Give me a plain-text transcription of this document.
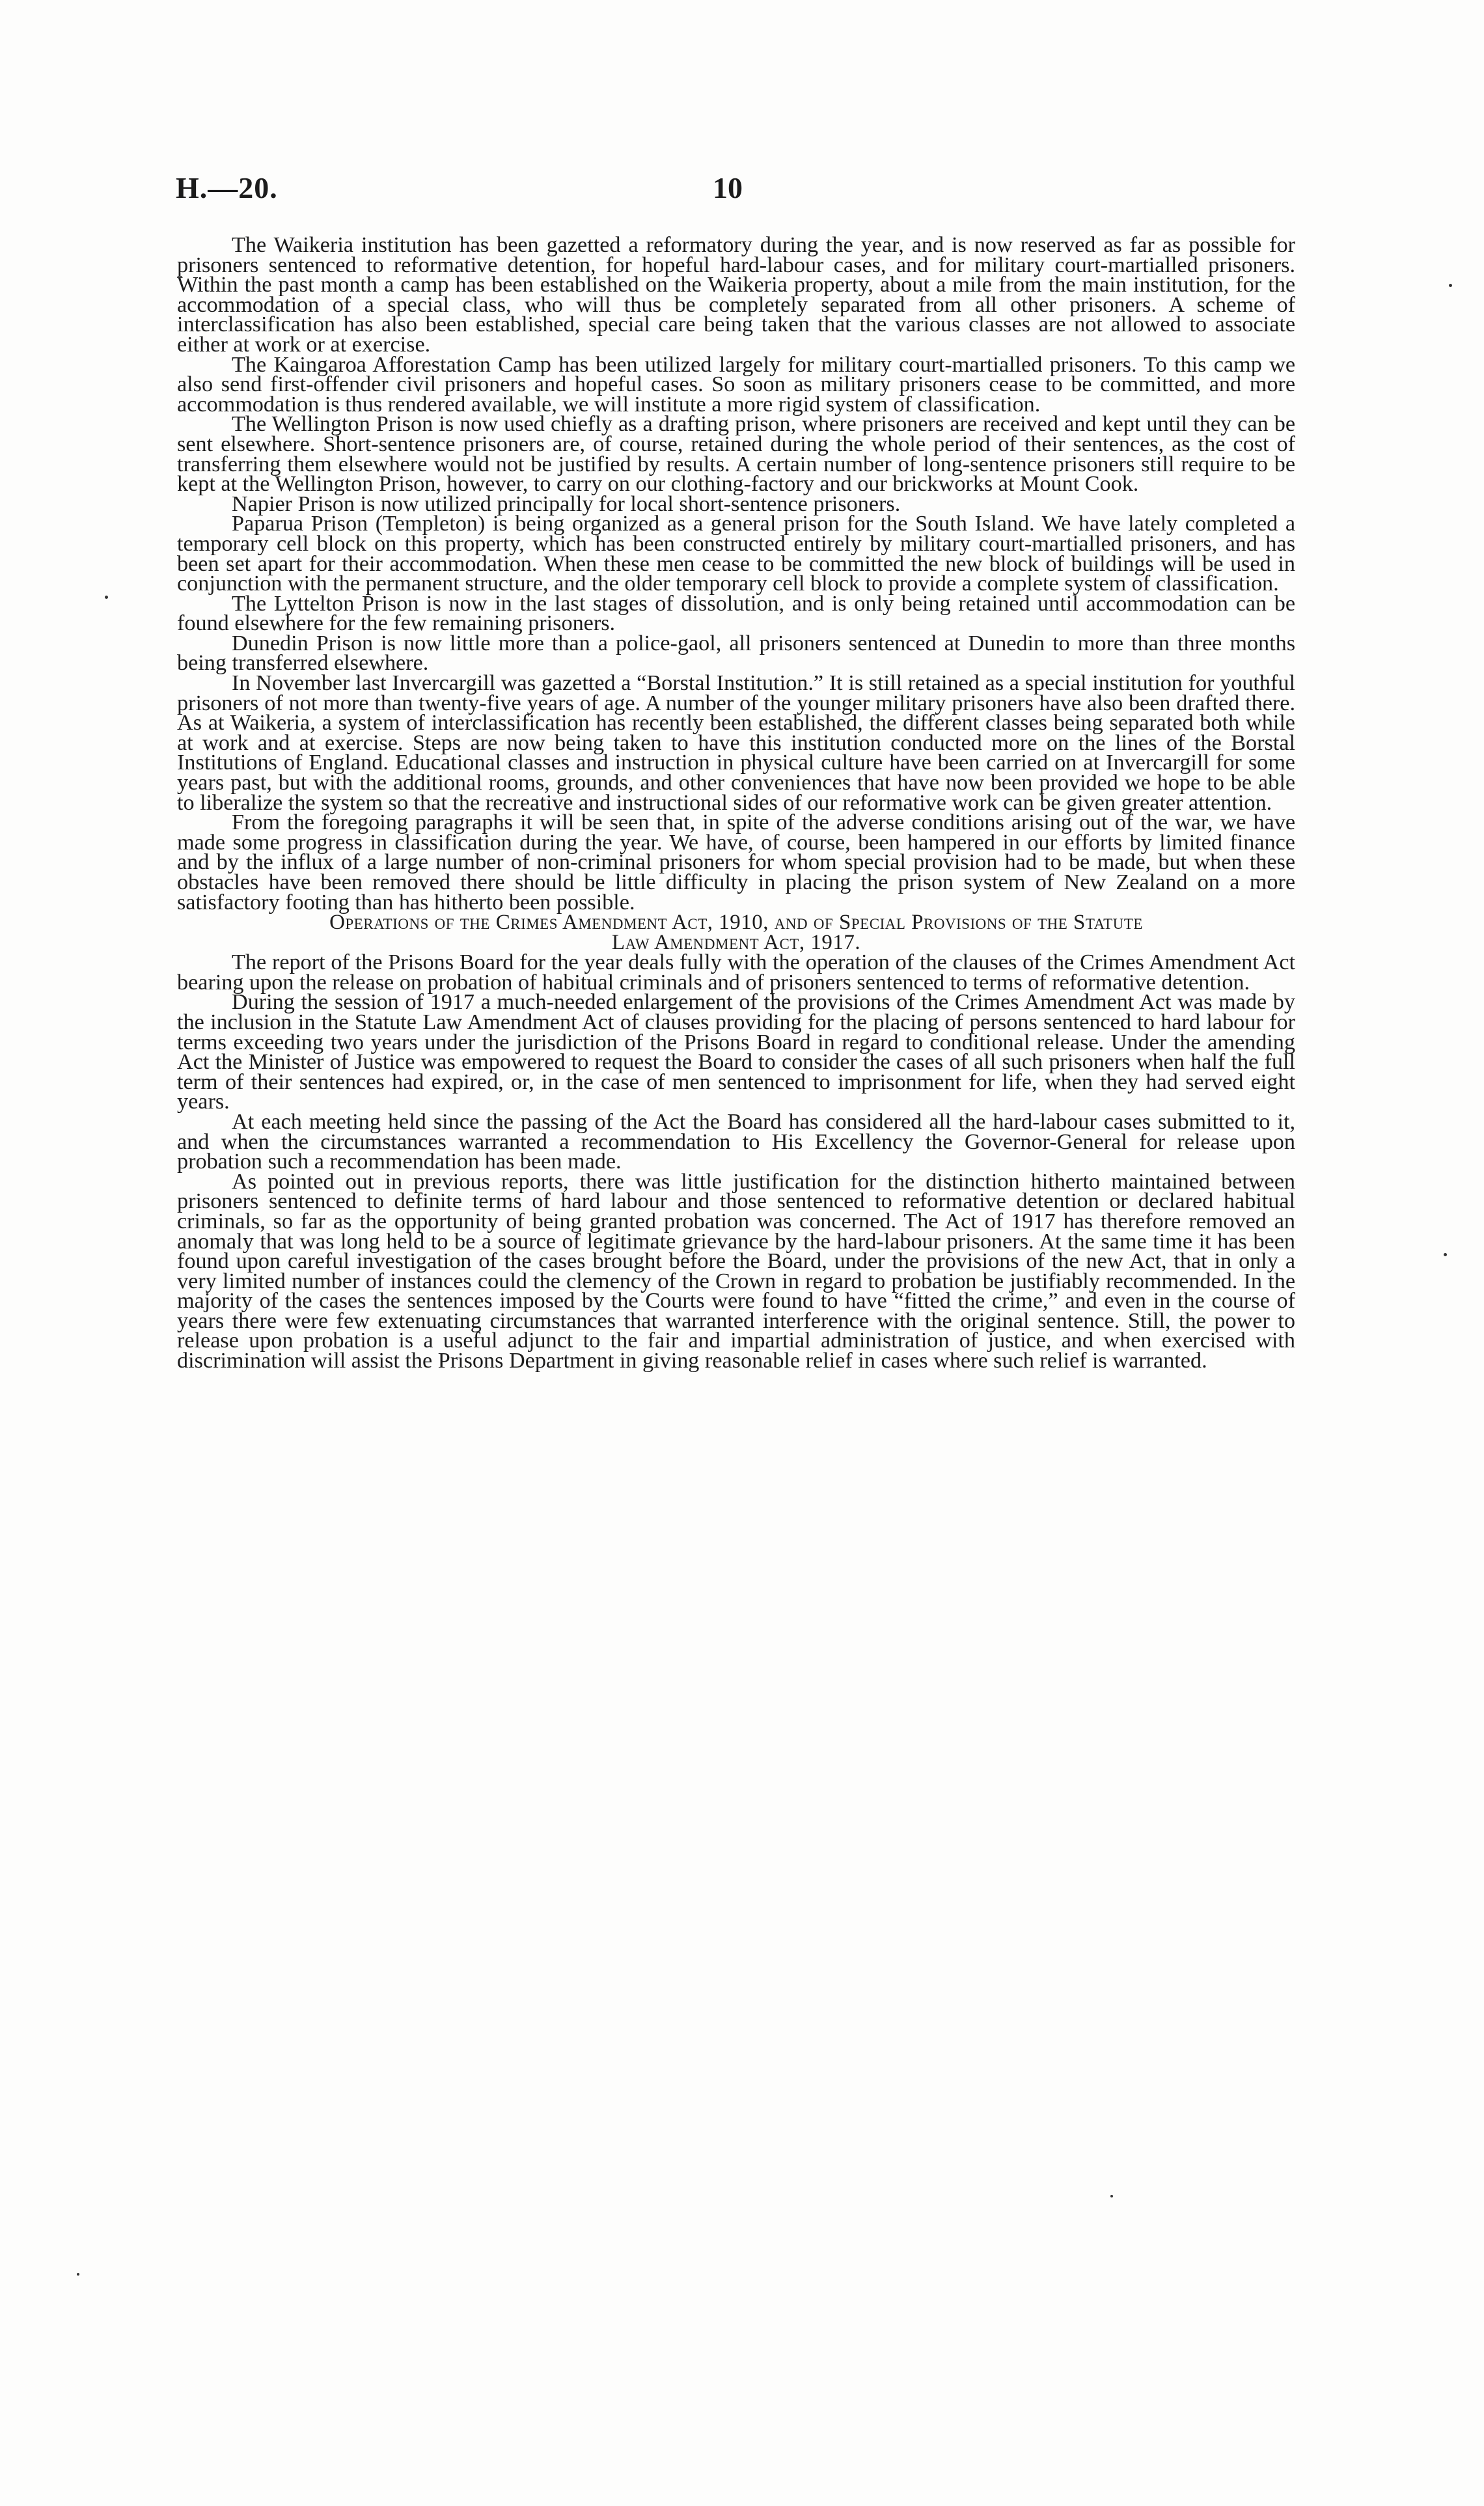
H.—20.	10

The Waikeria institution has been gazetted a reformatory during the year, and is now reserved as far as possible for prisoners sentenced to reformative detention, for hopeful hard-labour cases, and for military court-martialled prisoners. Within the past month a camp has been established on the Waikeria property, about a mile from the main institution, for the accommodation of a special class, who will thus be completely separated from all other prisoners. A scheme of interclassification has also been established, special care being taken that the various classes are not allowed to associate either at work or at exercise.

The Kaingaroa Afforestation Camp has been utilized largely for military court-martialled prisoners. To this camp we also send first-offender civil prisoners and hopeful cases. So soon as military prisoners cease to be committed, and more accommodation is thus rendered available, we will institute a more rigid system of classification.

The Wellington Prison is now used chiefly as a drafting prison, where prisoners are received and kept until they can be sent elsewhere. Short-sentence prisoners are, of course, retained during the whole period of their sentences, as the cost of transferring them elsewhere would not be justified by results. A certain number of long-sentence prisoners still require to be kept at the Wellington Prison, however, to carry on our clothing-factory and our brickworks at Mount Cook.

Napier Prison is now utilized principally for local short-sentence prisoners.

Paparua Prison (Templeton) is being organized as a general prison for the South Island. We have lately completed a temporary cell block on this property, which has been constructed entirely by military court-martialled prisoners, and has been set apart for their accommodation. When these men cease to be committed the new block of buildings will be used in conjunction with the permanent structure, and the older temporary cell block to provide a complete system of classification.

The Lyttelton Prison is now in the last stages of dissolution, and is only being retained until accommodation can be found elsewhere for the few remaining prisoners.

Dunedin Prison is now little more than a police-gaol, all prisoners sentenced at Dunedin to more than three months being transferred elsewhere.

In November last Invercargill was gazetted a “Borstal Institution.” It is still retained as a special institution for youthful prisoners of not more than twenty-five years of age. A number of the younger military prisoners have also been drafted there. As at Waikeria, a system of interclassification has recently been established, the different classes being separated both while at work and at exercise. Steps are now being taken to have this institution conducted more on the lines of the Borstal Institutions of England. Educational classes and instruction in physical culture have been carried on at Invercargill for some years past, but with the additional rooms, grounds, and other conveniences that have now been provided we hope to be able to liberalize the system so that the recreative and instructional sides of our reformative work can be given greater attention.

From the foregoing paragraphs it will be seen that, in spite of the adverse conditions arising out of the war, we have made some progress in classification during the year. We have, of course, been hampered in our efforts by limited finance and by the influx of a large number of non-criminal prisoners for whom special provision had to be made, but when these obstacles have been removed there should be little difficulty in placing the prison system of New Zealand on a more satisfactory footing than has hitherto been possible.

Operations of the Crimes Amendment Act, 1910, and of Special Provisions of the Statute
Law Amendment Act, 1917.

The report of the Prisons Board for the year deals fully with the operation of the clauses of the Crimes Amendment Act bearing upon the release on probation of habitual criminals and of prisoners sentenced to terms of reformative detention.

During the session of 1917 a much-needed enlargement of the provisions of the Crimes Amendment Act was made by the inclusion in the Statute Law Amendment Act of clauses providing for the placing of persons sentenced to hard labour for terms exceeding two years under the jurisdiction of the Prisons Board in regard to conditional release. Under the amending Act the Minister of Justice was empowered to request the Board to consider the cases of all such prisoners when half the full term of their sentences had expired, or, in the case of men sentenced to imprisonment for life, when they had served eight years.

At each meeting held since the passing of the Act the Board has considered all the hard-labour cases submitted to it, and when the circumstances warranted a recommendation to His Excellency the Governor-General for release upon probation such a recommendation has been made.

As pointed out in previous reports, there was little justification for the distinction hitherto maintained between prisoners sentenced to definite terms of hard labour and those sentenced to reformative detention or declared habitual criminals, so far as the opportunity of being granted probation was concerned. The Act of 1917 has therefore removed an anomaly that was long held to be a source of legitimate grievance by the hard-labour prisoners. At the same time it has been found upon careful investigation of the cases brought before the Board, under the provisions of the new Act, that in only a very limited number of instances could the clemency of the Crown in regard to probation be justifiably recommended. In the majority of the cases the sentences imposed by the Courts were found to have “fitted the crime,” and even in the course of years there were few extenuating circumstances that warranted interference with the original sentence. Still, the power to release upon probation is a useful adjunct to the fair and impartial administration of justice, and when exercised with discrimination will assist the Prisons Department in giving reasonable relief in cases where such relief is warranted.
